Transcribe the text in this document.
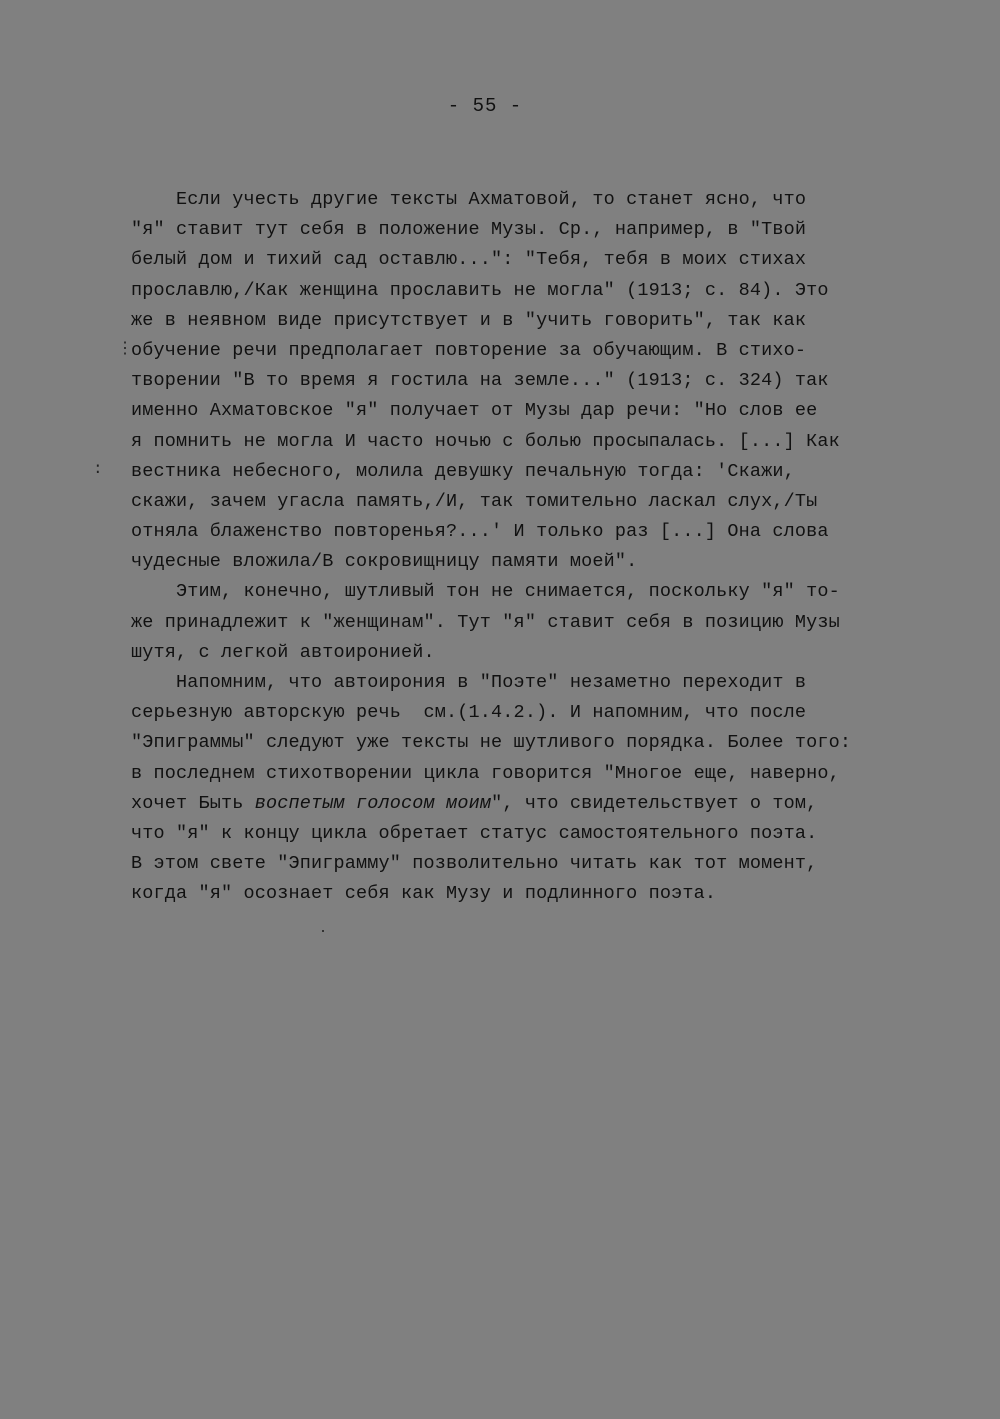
- 55 -
Если учесть другие тексты Ахматовой, то станет ясно, что
"я" ставит тут себя в положение Музы. Ср., например, в "Твой
белый дом и тихий сад оставлю...": "Тебя, тебя в моих стихах
прославлю,/Как женщина прославить не могла" (1913; с. 84). Это
же в неявном виде присутствует и в "учить говорить", так как
обучение речи предполагает повторение за обучающим. В стихо-
творении "В то время я гостила на земле..." (1913; с. 324) так
именно Ахматовское "я" получает от Музы дар речи: "Но слов ее
я помнить не могла И часто ночью с болью просыпалась. [...] Как
вестника небесного, молила девушку печальную тогда: 'Скажи,
скажи, зачем угасла память,/И, так томительно ласкал слух,/Ты
отняла блаженство повторенья?...' И только раз [...] Она слова
чудесные вложила/В сокровищницу памяти моей".
Этим, конечно, шутливый тон не снимается, поскольку "я" то-
же принадлежит к "женщинам". Тут "я" ставит себя в позицию Музы
шутя, с легкой автоиронией.
Напомним, что автоирония в "Поэте" незаметно переходит в
серьезную авторскую речь  см.(1.4.2.). И напомним, что после
"Эпиграммы" следуют уже тексты не шутливого порядка. Более того:
в последнем стихотворении цикла говорится "Многое еще, наверно,
хочет Быть воспетым голосом моим", что свидетельствует о том,
что "я" к концу цикла обретает статус самостоятельного поэта.
В этом свете "Эпиграмму" позволительно читать как тот момент,
когда "я" осознает себя как Музу и подлинного поэта.
⋮
:
